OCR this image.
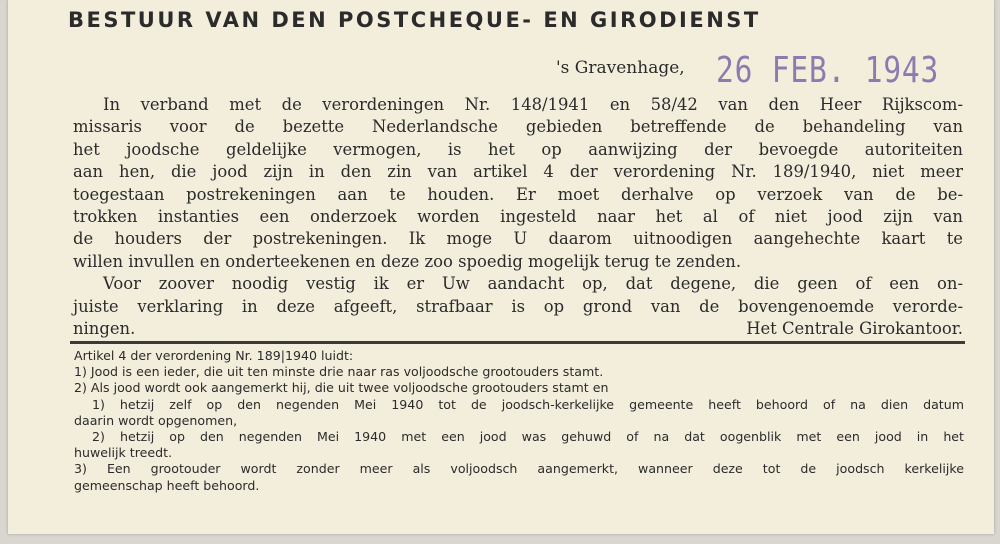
BESTUUR VAN DEN POSTCHEQUE- EN GIRODIENST
's Gravenhage, 26 FEB. 1943
In verband met de verordeningen Nr. 148/1941 en 58/42 van den Heer Rijkscom-
missaris voor de bezette Nederlandsche gebieden betreffende de behandeling van
het joodsche geldelijke vermogen, is het op aanwijzing der bevoegde autoriteiten
aan hen, die jood zijn in den zin van artikel 4 der verordening Nr. 189/1940, niet meer
toegestaan postrekeningen aan te houden. Er moet derhalve op verzoek van de be-
trokken instanties een onderzoek worden ingesteld naar het al of niet jood zijn van
de houders der postrekeningen. Ik moge U daarom uitnoodigen aangehechte kaart te
willen invullen en onderteekenen en deze zoo spoedig mogelijk terug te zenden.
Voor zoover noodig vestig ik er Uw aandacht op, dat degene, die geen of een on-
juiste verklaring in deze afgeeft, strafbaar is op grond van de bovengenoemde verorde-
ningen.	Het Centrale Girokantoor.
Artikel 4 der verordening Nr. 189|1940 luidt:
1) Jood is een ieder, die uit ten minste drie naar ras voljoodsche grootouders stamt.
2) Als jood wordt ook aangemerkt hij, die uit twee voljoodsche grootouders stamt en
1) hetzij zelf op den negenden Mei 1940 tot de joodsch-kerkelijke gemeente heeft behoord of na dien datum
daarin wordt opgenomen,
2) hetzij op den negenden Mei 1940 met een jood was gehuwd of na dat oogenblik met een jood in het
huwelijk treedt.
3) Een grootouder wordt zonder meer als voljoodsch aangemerkt, wanneer deze tot de joodsch kerkelijke
gemeenschap heeft behoord.
